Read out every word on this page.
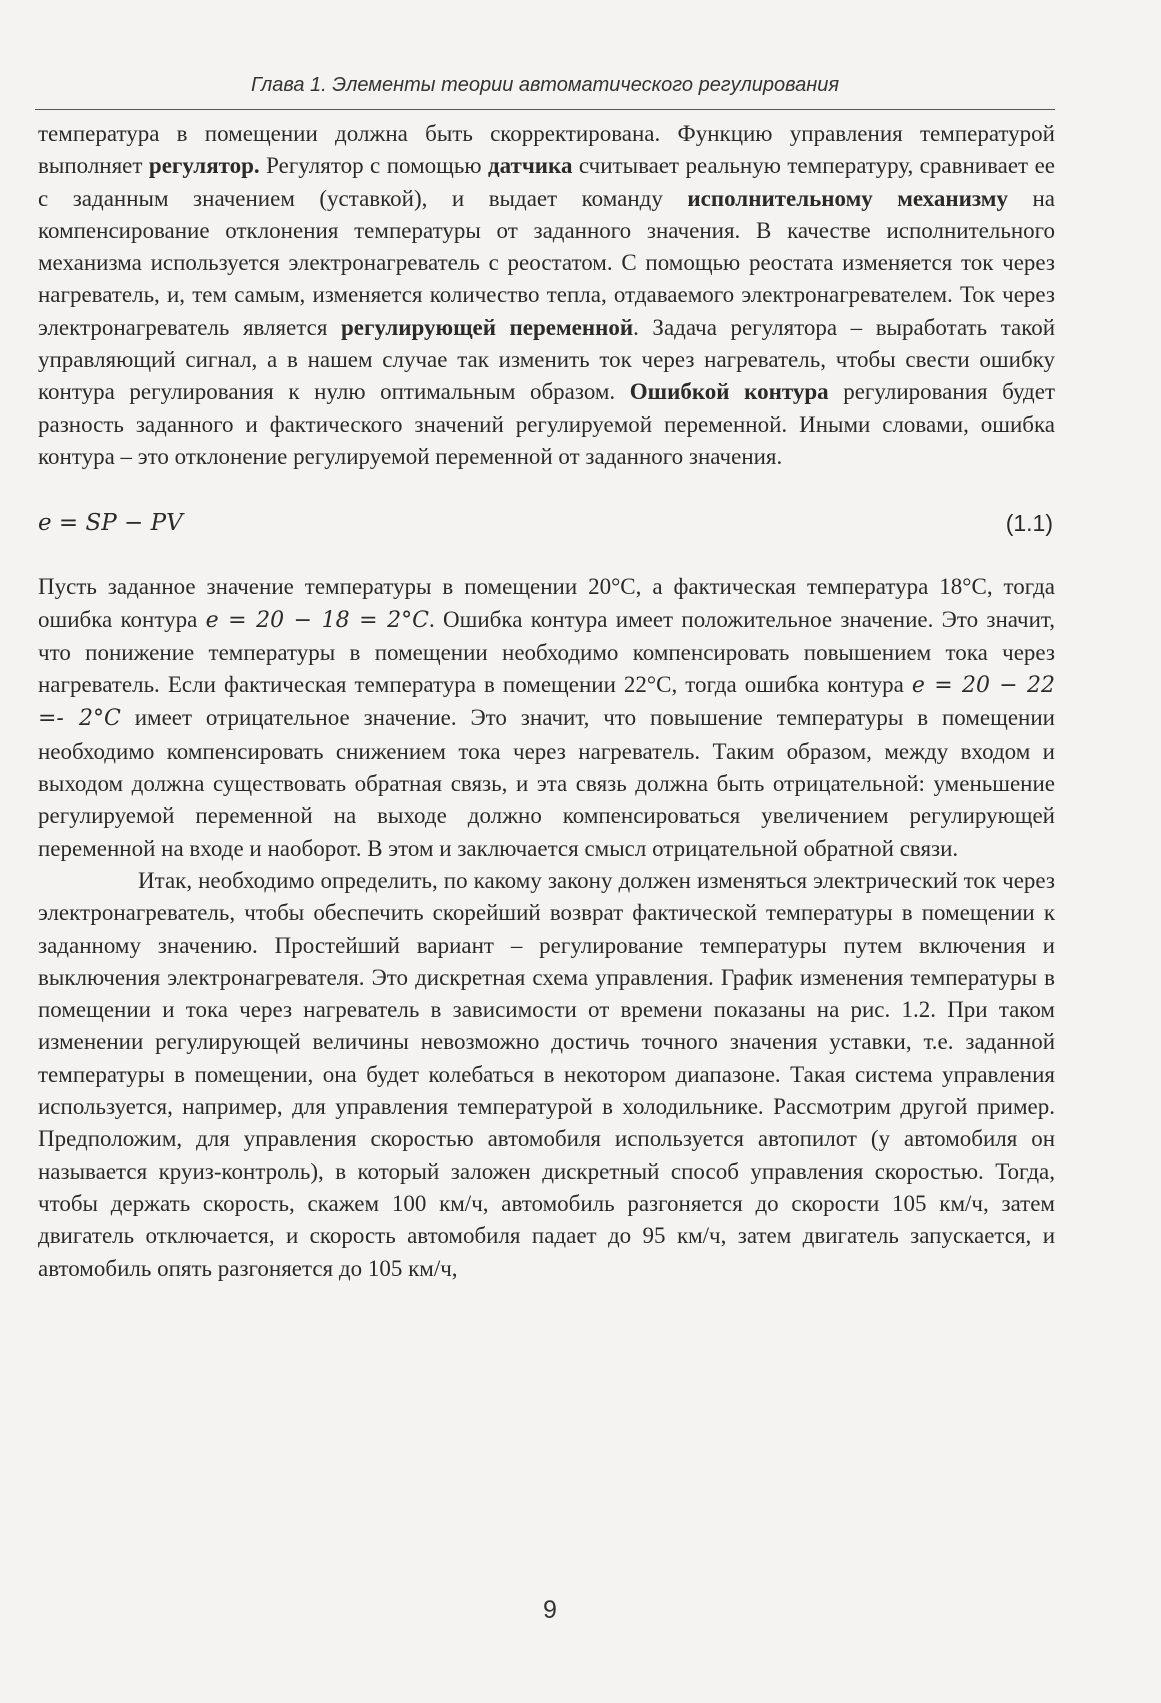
Глава 1. Элементы теории автоматического регулирования

температура в помещении должна быть скорректирована. Функцию управления температурой выполняет регулятор. Регулятор с помощью датчика считывает реальную температуру, сравнивает ее с заданным значением (уставкой), и выдает команду исполнительному механизму на компенсирование отклонения температуры от заданного значения. В качестве исполнительного механизма используется электронагреватель с реостатом. С помощью реостата изменяется ток через нагреватель, и, тем самым, изменяется количество тепла, отдаваемого электронагревателем. Ток через электронагреватель является регулирующей переменной. Задача регулятора – выработать такой управляющий сигнал, а в нашем случае так изменить ток через нагреватель, чтобы свести ошибку контура регулирования к нулю оптимальным образом. Ошибкой контура регулирования будет разность заданного и фактического значений регулируемой переменной. Иными словами, ошибка контура – это отклонение регулируемой переменной от заданного значения.

e = SP − PV	(1.1)

Пусть заданное значение температуры в помещении 20°С, а фактическая температура 18°С, тогда ошибка контура e = 20 − 18 = 2°C. Ошибка контура имеет положительное значение. Это значит, что понижение температуры в помещении необходимо компенсировать повышением тока через нагреватель. Если фактическая температура в помещении 22°С, тогда ошибка контура e = 20 − 22 =- 2°C имеет отрицательное значение. Это значит, что повышение температуры в помещении необходимо компенсировать снижением тока через нагреватель. Таким образом, между входом и выходом должна существовать обратная связь, и эта связь должна быть отрицательной: уменьшение регулируемой переменной на выходе должно компенсироваться увеличением регулирующей переменной на входе и наоборот. В этом и заключается смысл отрицательной обратной связи.

Итак, необходимо определить, по какому закону должен изменяться электрический ток через электронагреватель, чтобы обеспечить скорейший возврат фактической температуры в помещении к заданному значению. Простейший вариант – регулирование температуры путем включения и выключения электронагревателя. Это дискретная схема управления. График изменения температуры в помещении и тока через нагреватель в зависимости от времени показаны на рис. 1.2. При таком изменении регулирующей величины невозможно достичь точного значения уставки, т.е. заданной температуры в помещении, она будет колебаться в некотором диапазоне. Такая система управления используется, например, для управления температурой в холодильнике. Рассмотрим другой пример. Предположим, для управления скоростью автомобиля используется автопилот (у автомобиля он называется круиз-контроль), в который заложен дискретный способ управления скоростью. Тогда, чтобы держать скорость, скажем 100 км/ч, автомобиль разгоняется до скорости 105 км/ч, затем двигатель отключается, и скорость автомобиля падает до 95 км/ч, затем двигатель запускается, и автомобиль опять разгоняется до 105 км/ч,

9
